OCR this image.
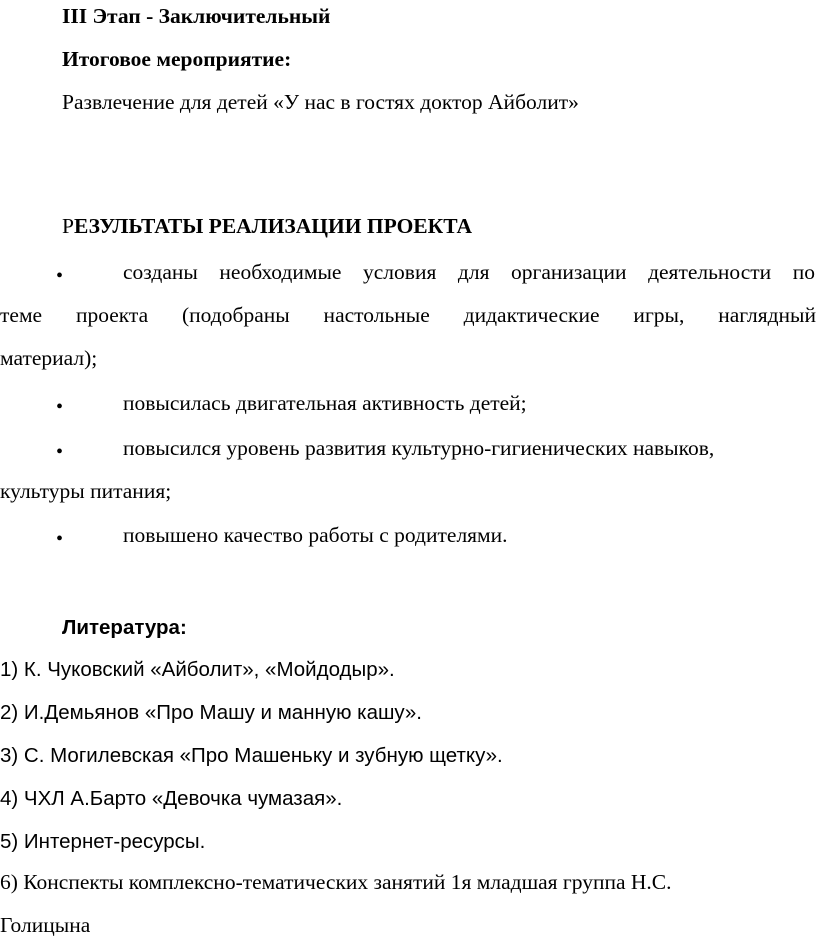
III Этап - Заключительный
Итоговое мероприятие:
Развлечение для детей «У нас в гостях доктор Айболит»
РЕЗУЛЬТАТЫ РЕАЛИЗАЦИИ ПРОЕКТА
•	созданы необходимые условия для организации деятельности по
теме проекта (подобраны настольные дидактические игры, наглядный
материал);
•	повысилась двигательная активность детей;
•	повысился уровень развития культурно-гигиенических навыков,
культуры питания;
•	повышено качество работы с родителями.
Литература:
1) К. Чуковский «Айболит», «Мойдодыр».
2) И.Демьянов «Про Машу и манную кашу».
3) С. Могилевская «Про Машеньку и зубную щетку».
4) ЧХЛ А.Барто «Девочка чумазая».
5) Интернет-ресурсы.
6) Конспекты комплексно-тематических занятий 1я младшая группа Н.С.
Голицына
